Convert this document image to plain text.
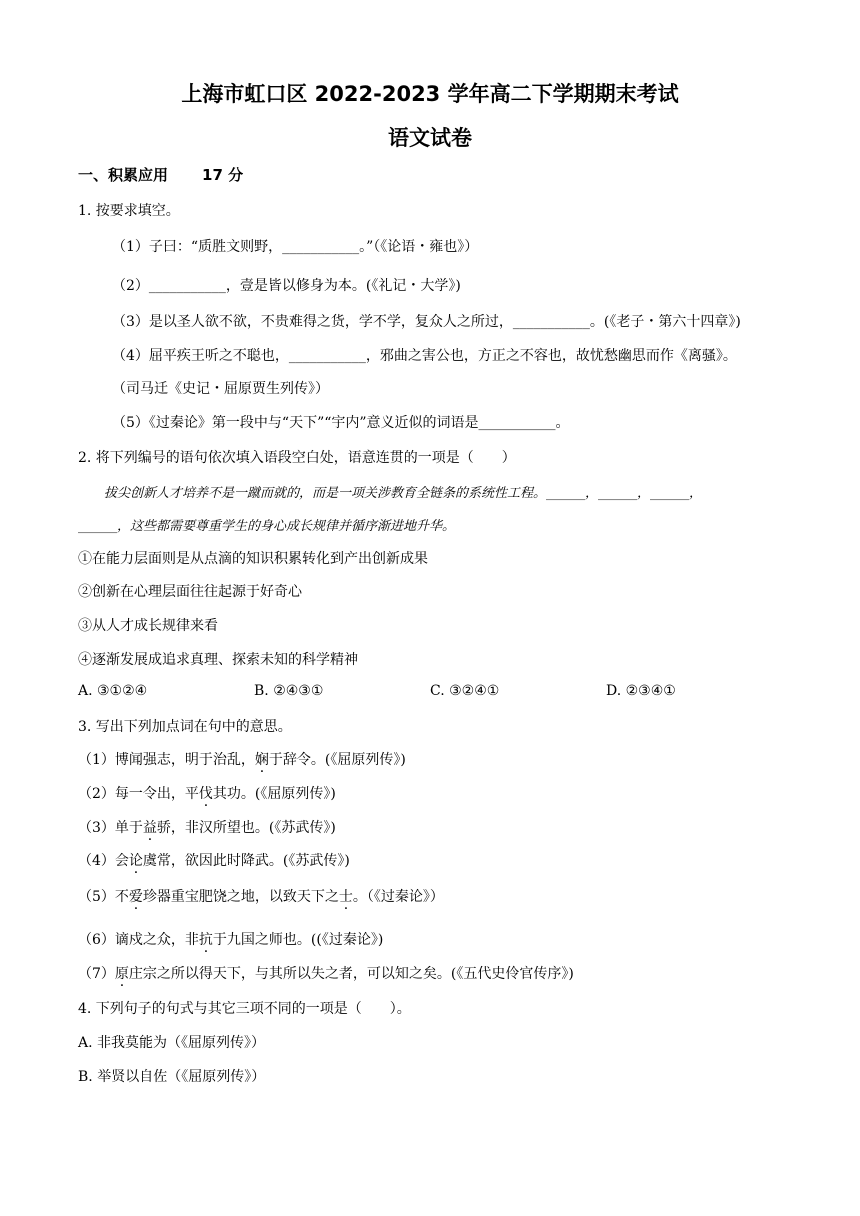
上海市虹口区 2022-2023 学年高二下学期期末考试
语文试卷
一、积累应用 17 分
1. 按要求填空。
（1）子曰：“质胜文则野，___________。”（《论语・雍也》）
（2）___________，壹是皆以修身为本。(《礼记・大学》)
（3）是以圣人欲不欲，不贵难得之货，学不学，复众人之所过，___________。(《老子・第六十四章》)
（4）屈平疾王听之不聪也，___________，邪曲之害公也，方正之不容也，故忧愁幽思而作《离骚》。
（司马迁《史记・屈原贾生列传》）
（5）《过秦论》第一段中与“天下”“宇内”意义近似的词语是___________。
2. 将下列编号的语句依次填入语段空白处，语意连贯的一项是（　　）
拔尖创新人才培养不是一蹴而就的，而是一项关涉教育全链条的系统性工程。______，______，______，
______，这些都需要尊重学生的身心成长规律并循序渐进地升华。
①在能力层面则是从点滴的知识积累转化到产出创新成果
②创新在心理层面往往起源于好奇心
③从人才成长规律来看
④逐渐发展成追求真理、探索未知的科学精神
A. ③①②④	B. ②④③①	C. ③②④①	D. ②③④①
3. 写出下列加点词在句中的意思。
（1）博闻强志，明于治乱，娴于辞令。(《屈原列传》)
（2）每一令出，平伐其功。(《屈原列传》)
（3）单于益骄，非汉所望也。(《苏武传》)
（4）会论虞常，欲因此时降武。(《苏武传》)
（5）不爱珍器重宝肥饶之地，以致天下之士。（《过秦论》）
（6）谪戍之众，非抗于九国之师也。((《过秦论》)
（7）原庄宗之所以得天下，与其所以失之者，可以知之矣。(《五代史伶官传序》)
4. 下列句子的句式与其它三项不同的一项是（　　）。
A. 非我莫能为（《屈原列传》）
B. 举贤以自佐（《屈原列传》）
